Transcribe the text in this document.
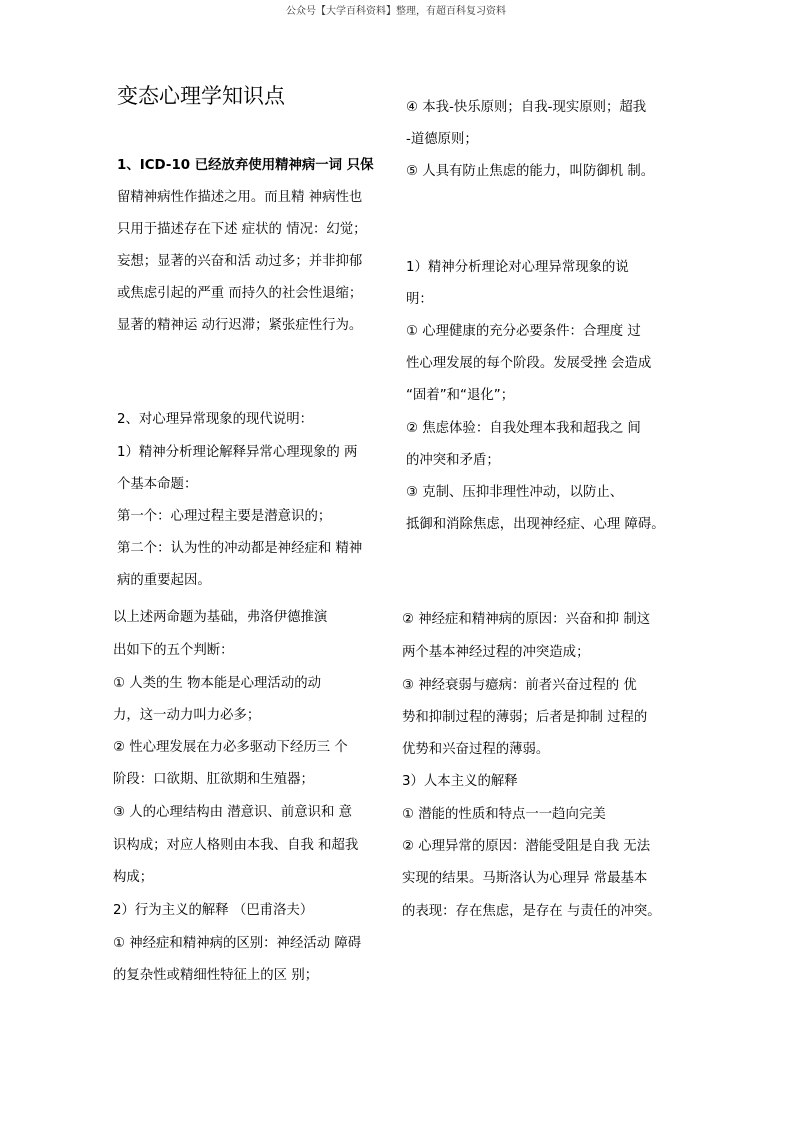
公众号【大学百科资料】整理，有超百科复习资料
变态心理学知识点
1、ICD-10 已经放弃使用精神病一词 只保
留精神病性作描述之用。而且精 神病性也
只用于描述存在下述 症状的 情况：幻觉；
妄想；显著的兴奋和活 动过多；并非抑郁
或焦虑引起的严重 而持久的社会性退缩；
显著的精神运 动行迟滞；紧张症性行为。
2、对心理异常现象的现代说明：
1）精神分析理论解释异常心理现象的 两
个基本命题：
第一个：心理过程主要是潜意识的；
第二个：认为性的冲动都是神经症和 精神
病的重要起因。
以上述两命题为基础，弗洛伊德推演
出如下的五个判断：
① 人类的生 物本能是心理活动的动
力，这一动力叫力必多；
② 性心理发展在力必多驱动下经历三 个
阶段：口欲期、肛欲期和生殖器；
③ 人的心理结构由 潜意识、前意识和 意
识构成；对应人格则由本我、自我 和超我
构成；
2）行为主义的解释 （巴甫洛夫）
① 神经症和精神病的区别：神经活动 障碍
的复杂性或精细性特征上的区 别；
④ 本我-快乐原则；自我-现实原则；超我
-道德原则；
⑤ 人具有防止焦虑的能力，叫防御机 制。
1）精神分析理论对心理异常现象的说
明：
① 心理健康的充分必要条件：合理度 过
性心理发展的每个阶段。发展受挫 会造成
“固着”和“退化”；
② 焦虑体验：自我处理本我和超我之 间
的冲突和矛盾；
③ 克制、压抑非理性冲动，以防止、
抵御和消除焦虑，出现神经症、心理 障碍。
② 神经症和精神病的原因：兴奋和抑 制这
两个基本神经过程的冲突造成；
③ 神经衰弱与癔病：前者兴奋过程的 优
势和抑制过程的薄弱；后者是抑制 过程的
优势和兴奋过程的薄弱。
3）人本主义的解释
① 潜能的性质和特点一一趋向完美
② 心理异常的原因：潜能受阻是自我 无法
实现的结果。马斯洛认为心理异 常最基本
的表现：存在焦虑，是存在 与责任的冲突。
